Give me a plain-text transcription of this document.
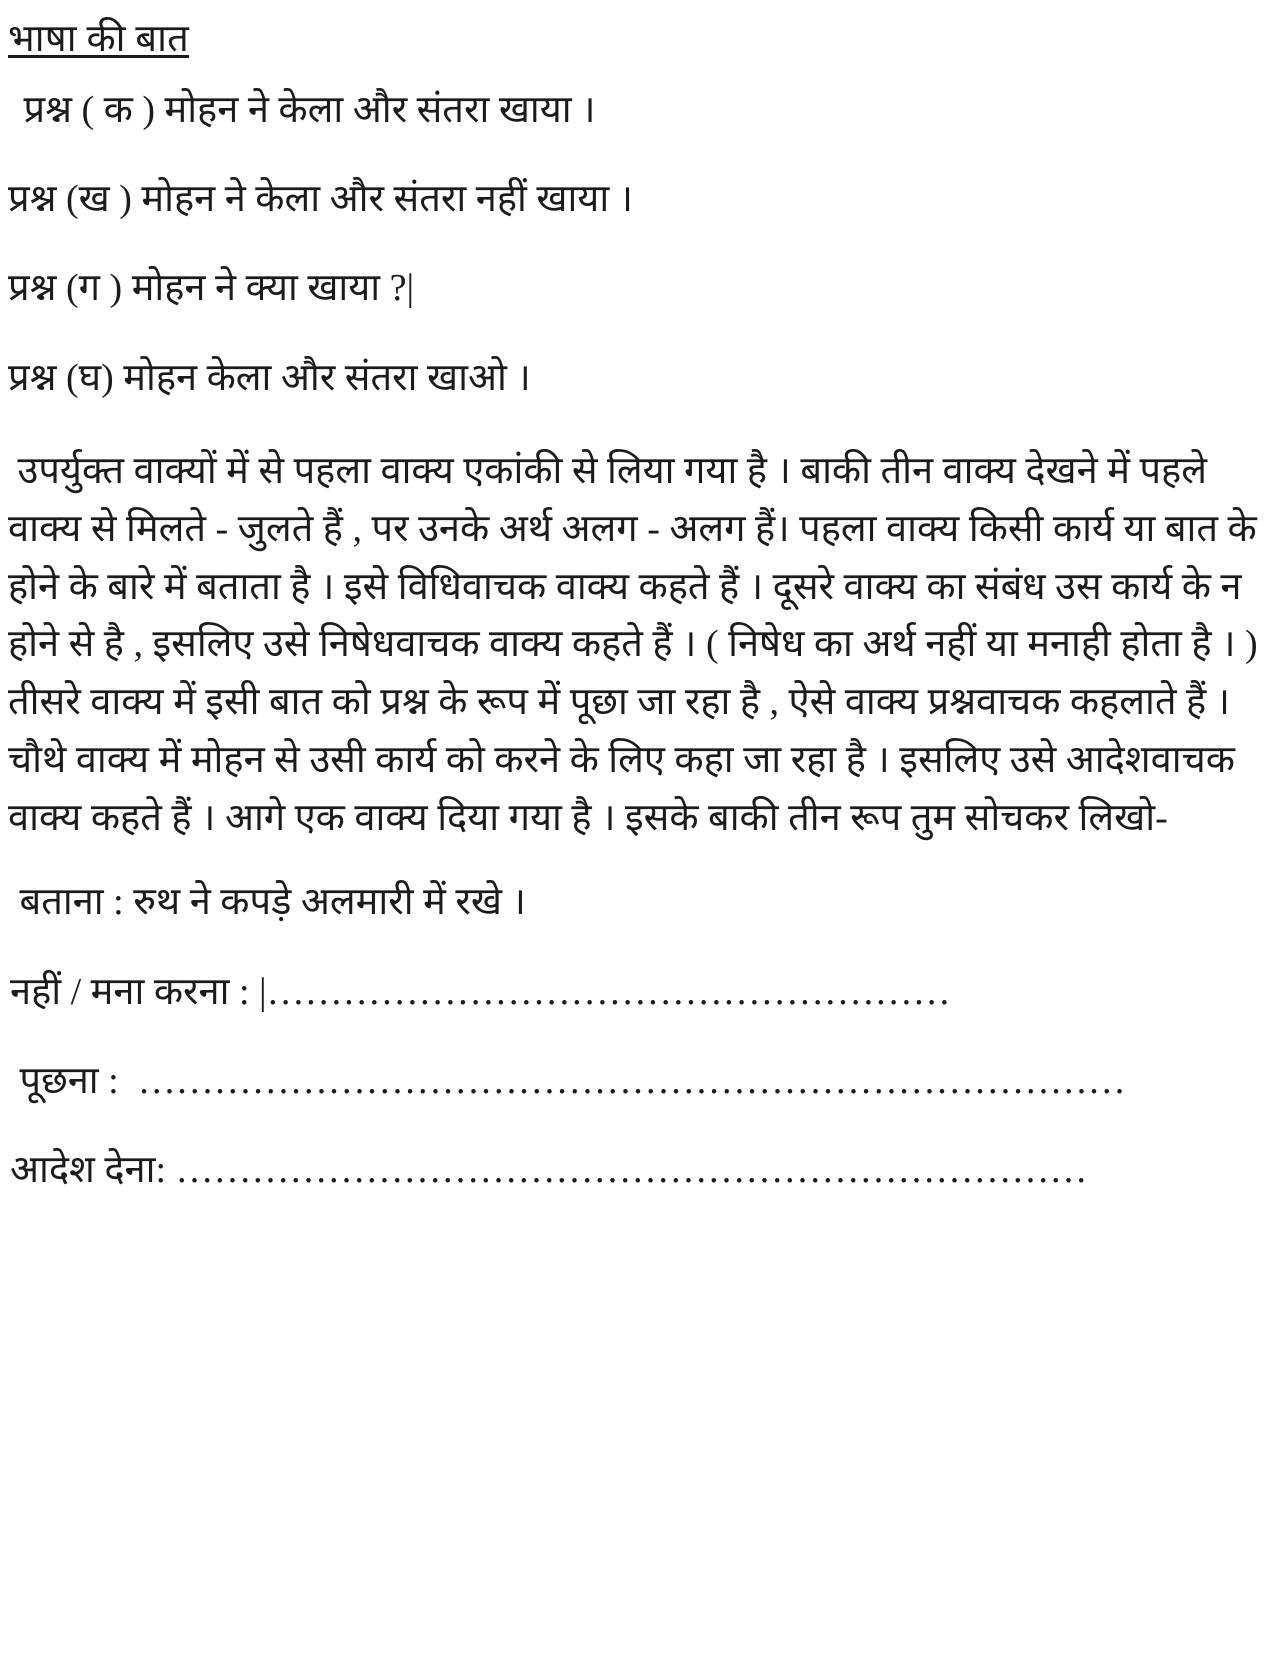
भाषा की बात
प्रश्न ( क ) मोहन ने केला और संतरा खाया ।
प्रश्न (ख ) मोहन ने केला और संतरा नहीं खाया ।
प्रश्न (ग ) मोहन ने क्या खाया ?|
प्रश्न (घ) मोहन केला और संतरा खाओ ।
उपर्युक्त वाक्यों में से पहला वाक्य एकांकी से लिया गया है । बाकी तीन वाक्य देखने में पहले वाक्य से मिलते - जुलते हैं , पर उनके अर्थ अलग - अलग हैं। पहला वाक्य किसी कार्य या बात के होने के बारे में बताता है । इसे विधिवाचक वाक्य कहते हैं । दूसरे वाक्य का संबंध उस कार्य के न होने से है , इसलिए उसे निषेधवाचक वाक्य कहते हैं । ( निषेध का अर्थ नहीं या मनाही होता है । ) तीसरे वाक्य में इसी बात को प्रश्न के रूप में पूछा जा रहा है , ऐसे वाक्य प्रश्नवाचक कहलाते हैं । चौथे वाक्य में मोहन से उसी कार्य को करने के लिए कहा जा रहा है । इसलिए उसे आदेशवाचक वाक्य कहते हैं । आगे एक वाक्य दिया गया है । इसके बाकी तीन रूप तुम सोचकर लिखो-
बताना : रुथ ने कपड़े अलमारी में रखे ।
नहीं / मना करना : |………………………………………………
पूछना :  ……………………………………………………………………
आदेश देना: ………………………………………………………………
